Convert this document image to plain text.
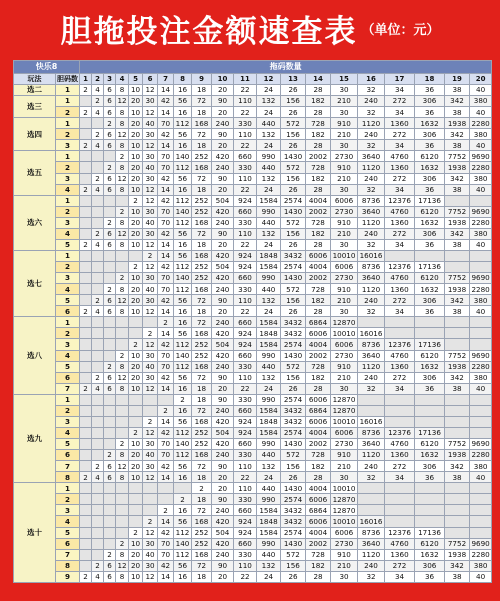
胆拖投注金额速查表 （单位：元）
快乐8		拖码数量																			
玩法	胆码数	1	2	3	4	5	6	7	8	9	10	11	12	13	14	15	16	17	18	19	20
选二	1	2	4	6	8	10	12	14	16	18	20	22	24	26	28	30	32	34	36	38	40
选三	1		2	6	12	20	30	42	56	72	90	110	132	156	182	210	240	272	306	342	380
	2	2	4	6	8	10	12	14	16	18	20	22	24	26	28	30	32	34	36	38	40
选四	1			2	8	20	40	70	112	168	240	330	440	572	728	910	1120	1360	1632	1938	2280
	2		2	6	12	20	30	42	56	72	90	110	132	156	182	210	240	272	306	342	380
	3	2	4	6	8	10	12	14	16	18	20	22	24	26	28	30	32	34	36	38	40
选五	1				2	10	30	70	140	252	420	660	990	1430	2002	2730	3640	4760	6120	7752	9690
	2			2	8	20	40	70	112	168	240	330	440	572	728	910	1120	1360	1632	1938	2280
	3		2	6	12	20	30	42	56	72	90	110	132	156	182	210	240	272	306	342	380
	4	2	4	6	8	10	12	14	16	18	20	22	24	26	28	30	32	34	36	38	40
选六	1					2	12	42	112	252	504	924	1584	2574	4004	6006	8736	12376	17136		
	2				2	10	30	70	140	252	420	660	990	1430	2002	2730	3640	4760	6120	7752	9690
	3			2	8	20	40	70	112	168	240	330	440	572	728	910	1120	1360	1632	1938	2280
	4		2	6	12	20	30	42	56	72	90	110	132	156	182	210	240	272	306	342	380
	5	2	4	6	8	10	12	14	16	18	20	22	24	26	28	30	32	34	36	38	40
选七	1						2	14	56	168	420	924	1848	3432	6006	10010	16016				
	2					2	12	42	112	252	504	924	1584	2574	4004	6006	8736	12376	17136		
	3				2	10	30	70	140	252	420	660	990	1430	2002	2730	3640	4760	6120	7752	9690
	4			2	8	20	40	70	112	168	240	330	440	572	728	910	1120	1360	1632	1938	2280
	5		2	6	12	20	30	42	56	72	90	110	132	156	182	210	240	272	306	342	380
	6	2	4	6	8	10	12	14	16	18	20	22	24	26	28	30	32	34	36	38	40
选八	1							2	16	72	240	660	1584	3432	6864	12870					
	2						2	14	56	168	420	924	1848	3432	6006	10010	16016				
	3					2	12	42	112	252	504	924	1584	2574	4004	6006	8736	12376	17136		
	4				2	10	30	70	140	252	420	660	990	1430	2002	2730	3640	4760	6120	7752	9690
	5			2	8	20	40	70	112	168	240	330	440	572	728	910	1120	1360	1632	1938	2280
	6		2	6	12	20	30	42	56	72	90	110	132	156	182	210	240	272	306	342	380
	7	2	4	6	8	10	12	14	16	18	20	22	24	26	28	30	32	34	36	38	40
选九	1								2	18	90	330	990	2574	6006	12870					
	2							2	16	72	240	660	1584	3432	6864	12870					
	3						2	14	56	168	420	924	1848	3432	6006	10010	16016				
	4					2	12	42	112	252	504	924	1584	2574	4004	6006	8736	12376	17136		
	5				2	10	30	70	140	252	420	660	990	1430	2002	2730	3640	4760	6120	7752	9690
	6			2	8	20	40	70	112	168	240	330	440	572	728	910	1120	1360	1632	1938	2280
	7		2	6	12	20	30	42	56	72	90	110	132	156	182	210	240	272	306	342	380
	8	2	4	6	8	10	12	14	16	18	20	22	24	26	28	30	32	34	36	38	40
选十	1									2	20	110	440	1430	4004	10010					
	2								2	18	90	330	990	2574	6006	12870					
	3							2	16	72	240	660	1584	3432	6864	12870					
	4						2	14	56	168	420	924	1848	3432	6006	10010	16016				
	5					2	12	42	112	252	504	924	1584	2574	4004	6006	8736	12376	17136		
	6				2	10	30	70	140	252	420	660	990	1430	2002	2730	3640	4760	6120	7752	9690
	7			2	8	20	40	70	112	168	240	330	440	572	728	910	1120	1360	1632	1938	2280
	8		2	6	12	20	30	42	56	72	90	110	132	156	182	210	240	272	306	342	380
	9	2	4	6	8	10	12	14	16	18	20	22	24	26	28	30	32	34	36	38	40
